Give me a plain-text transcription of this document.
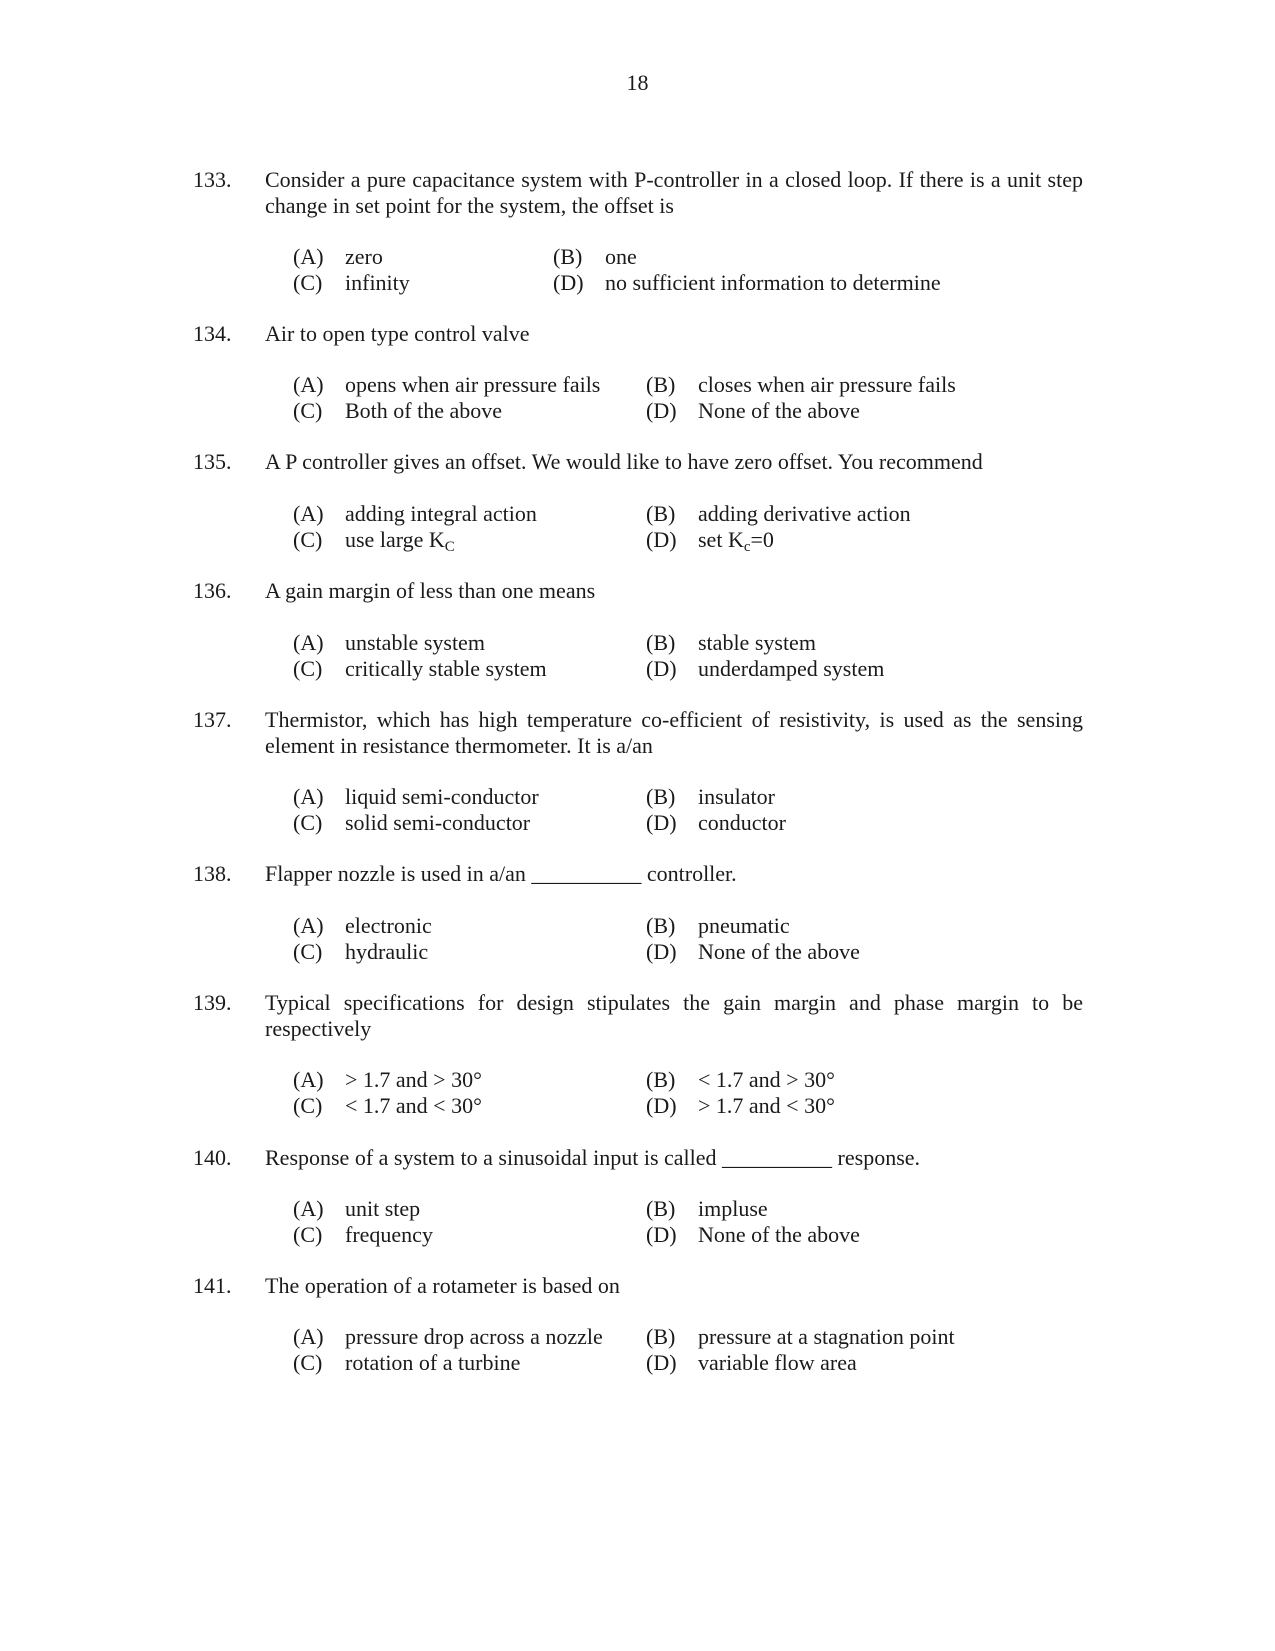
18
133. Consider a pure capacitance system with P-controller in a closed loop. If there is a unit step change in set point for the system, the offset is
(A) zero	(B) one
(C) infinity	(D) no sufficient information to determine
134. Air to open type control valve
(A) opens when air pressure fails (B) closes when air pressure fails
(C) Both of the above	(D) None of the above
135. A P controller gives an offset. We would like to have zero offset. You recommend
(A) adding integral action	(B) adding derivative action
(C) use large $K_C$	(D) set $K_c=0$
136. A gain margin of less than one means
(A) unstable system	(B) stable system
(C) critically stable system	(D) underdamped system
137. Thermistor, which has high temperature co-efficient of resistivity, is used as the sensing element in resistance thermometer. It is a/an
(A) liquid semi-conductor	(B) insulator
(C) solid semi-conductor	(D) conductor
138. Flapper nozzle is used in a/an __________ controller.
(A) electronic	(B) pneumatic
(C) hydraulic	(D) None of the above
139. Typical specifications for design stipulates the gain margin and phase margin to be respectively
(A) > 1.7 and > 30°	(B) < 1.7 and > 30°
(C) < 1.7 and < 30°	(D) > 1.7 and < 30°
140. Response of a system to a sinusoidal input is called __________ response.
(A) unit step	(B) impluse
(C) frequency	(D) None of the above
141. The operation of a rotameter is based on
(A) pressure drop across a nozzle (B) pressure at a stagnation point
(C) rotation of a turbine	(D) variable flow area
